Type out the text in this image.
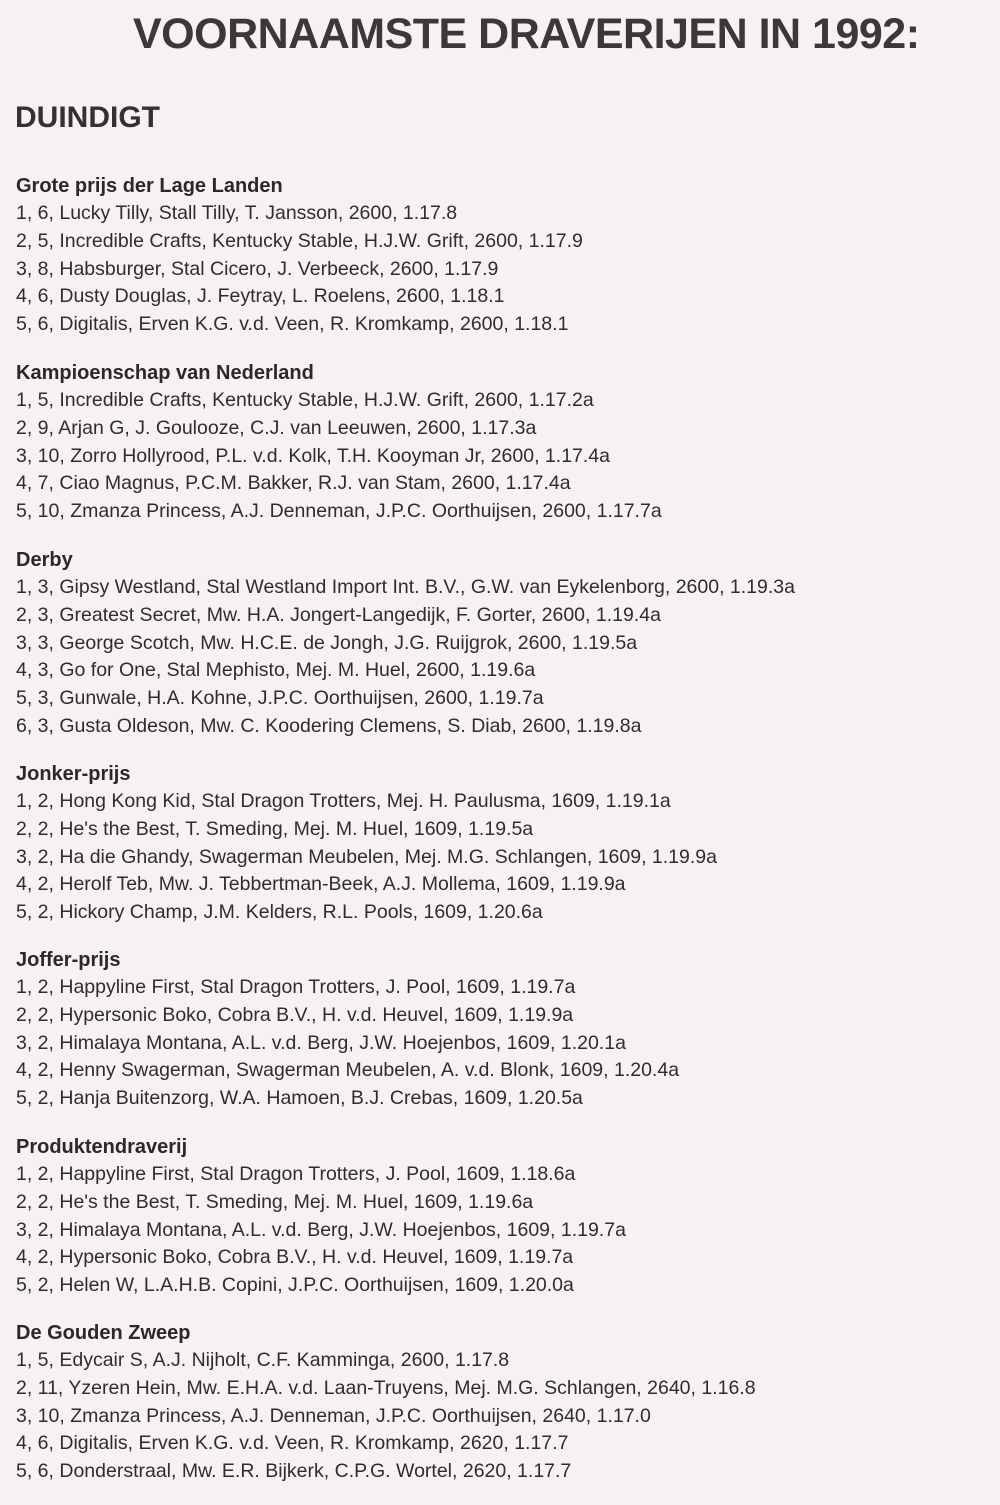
VOORNAAMSTE DRAVERIJEN IN 1992:
DUINDIGT
Grote prijs der Lage Landen
1, 6, Lucky Tilly, Stall Tilly, T. Jansson, 2600, 1.17.8
2, 5, Incredible Crafts, Kentucky Stable, H.J.W. Grift, 2600, 1.17.9
3, 8, Habsburger, Stal Cicero, J. Verbeeck, 2600, 1.17.9
4, 6, Dusty Douglas, J. Feytray, L. Roelens, 2600, 1.18.1
5, 6, Digitalis, Erven K.G. v.d. Veen, R. Kromkamp, 2600, 1.18.1
Kampioenschap van Nederland
1, 5, Incredible Crafts, Kentucky Stable, H.J.W. Grift, 2600, 1.17.2a
2, 9, Arjan G, J. Goulooze, C.J. van Leeuwen, 2600, 1.17.3a
3, 10, Zorro Hollyrood, P.L. v.d. Kolk, T.H. Kooyman Jr, 2600, 1.17.4a
4, 7, Ciao Magnus, P.C.M. Bakker, R.J. van Stam, 2600, 1.17.4a
5, 10, Zmanza Princess, A.J. Denneman, J.P.C. Oorthuijsen, 2600, 1.17.7a
Derby
1, 3, Gipsy Westland, Stal Westland Import Int. B.V., G.W. van Eykelenborg, 2600, 1.19.3a
2, 3, Greatest Secret, Mw. H.A. Jongert-Langedijk, F. Gorter, 2600, 1.19.4a
3, 3, George Scotch, Mw. H.C.E. de Jongh, J.G. Ruijgrok, 2600, 1.19.5a
4, 3, Go for One, Stal Mephisto, Mej. M. Huel, 2600, 1.19.6a
5, 3, Gunwale, H.A. Kohne, J.P.C. Oorthuijsen, 2600, 1.19.7a
6, 3, Gusta Oldeson, Mw. C. Koodering Clemens, S. Diab, 2600, 1.19.8a
Jonker-prijs
1, 2, Hong Kong Kid, Stal Dragon Trotters, Mej. H. Paulusma, 1609, 1.19.1a
2, 2, He's the Best, T. Smeding, Mej. M. Huel, 1609, 1.19.5a
3, 2, Ha die Ghandy, Swagerman Meubelen, Mej. M.G. Schlangen, 1609, 1.19.9a
4, 2, Herolf Teb, Mw. J. Tebbertman-Beek, A.J. Mollema, 1609, 1.19.9a
5, 2, Hickory Champ, J.M. Kelders, R.L. Pools, 1609, 1.20.6a
Joffer-prijs
1, 2, Happyline First, Stal Dragon Trotters, J. Pool, 1609, 1.19.7a
2, 2, Hypersonic Boko, Cobra B.V., H. v.d. Heuvel, 1609, 1.19.9a
3, 2, Himalaya Montana, A.L. v.d. Berg, J.W. Hoejenbos, 1609, 1.20.1a
4, 2, Henny Swagerman, Swagerman Meubelen, A. v.d. Blonk, 1609, 1.20.4a
5, 2, Hanja Buitenzorg, W.A. Hamoen, B.J. Crebas, 1609, 1.20.5a
Produktendraverij
1, 2, Happyline First, Stal Dragon Trotters, J. Pool, 1609, 1.18.6a
2, 2, He's the Best, T. Smeding, Mej. M. Huel, 1609, 1.19.6a
3, 2, Himalaya Montana, A.L. v.d. Berg, J.W. Hoejenbos, 1609, 1.19.7a
4, 2, Hypersonic Boko, Cobra B.V., H. v.d. Heuvel, 1609, 1.19.7a
5, 2, Helen W, L.A.H.B. Copini, J.P.C. Oorthuijsen, 1609, 1.20.0a
De Gouden Zweep
1, 5, Edycair S, A.J. Nijholt, C.F. Kamminga, 2600, 1.17.8
2, 11, Yzeren Hein, Mw. E.H.A. v.d. Laan-Truyens, Mej. M.G. Schlangen, 2640, 1.16.8
3, 10, Zmanza Princess, A.J. Denneman, J.P.C. Oorthuijsen, 2640, 1.17.0
4, 6, Digitalis, Erven K.G. v.d. Veen, R. Kromkamp, 2620, 1.17.7
5, 6, Donderstraal, Mw. E.R. Bijkerk, C.P.G. Wortel, 2620, 1.17.7
